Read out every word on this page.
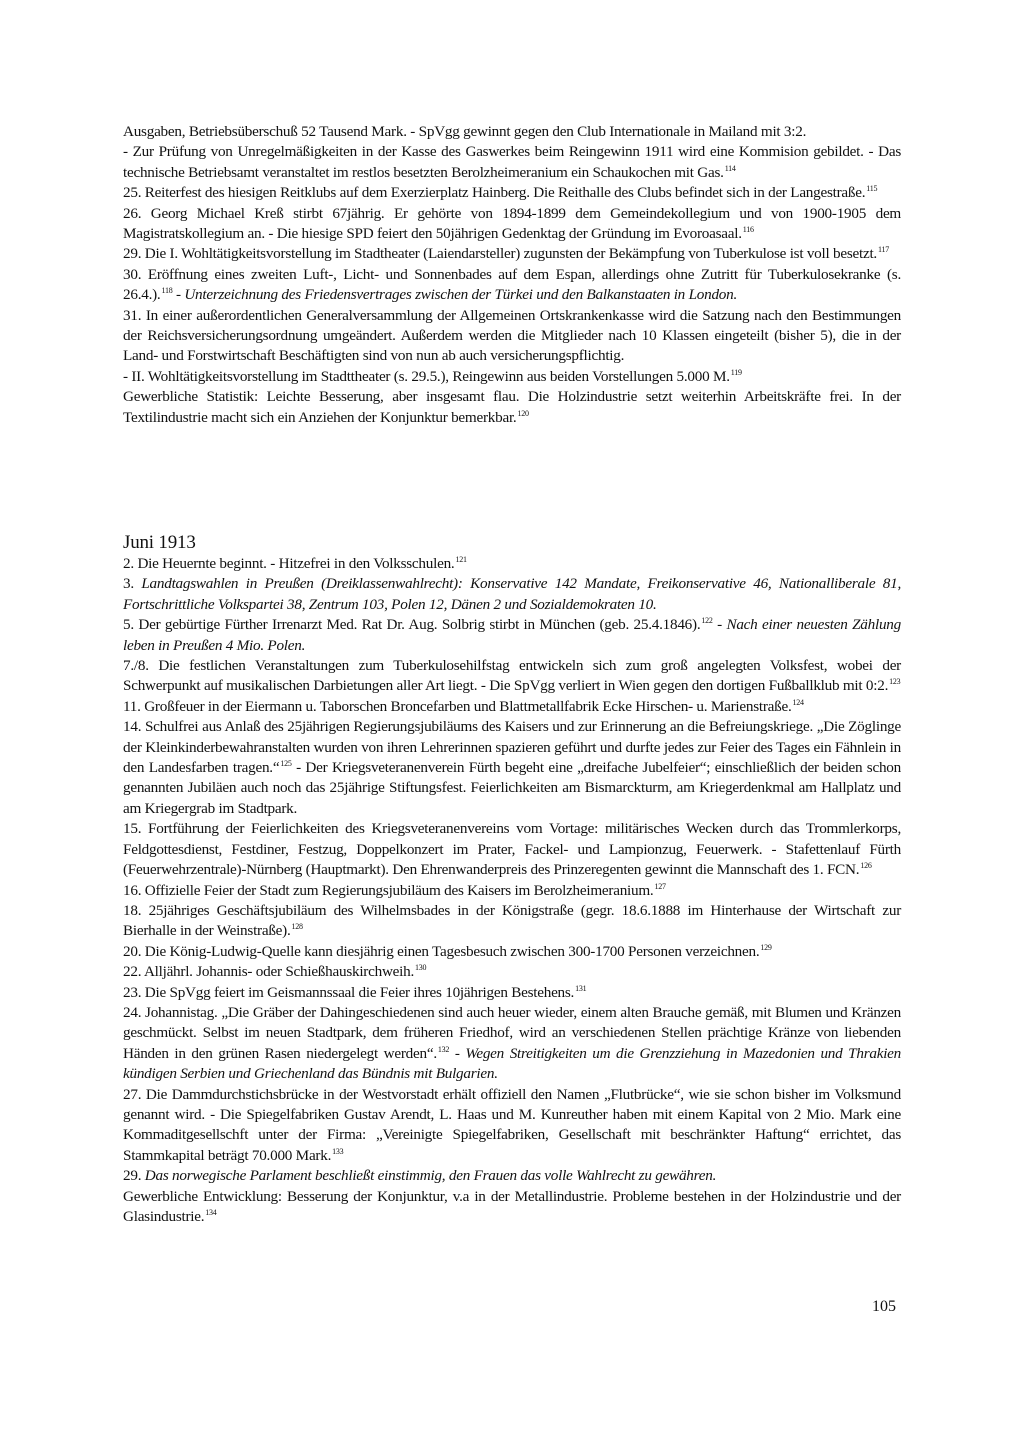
Ausgaben, Betriebsüberschuß 52 Tausend Mark. - SpVgg gewinnt gegen den Club Internationale in Mailand mit 3:2.

- Zur Prüfung von Unregelmäßigkeiten in der Kasse des Gaswerkes beim Reingewinn 1911 wird eine Kommision gebildet. - Das technische Betriebsamt veranstaltet im restlos besetzten Berolzheimeranium ein Schaukochen mit Gas.$^{114}$

25. Reiterfest des hiesigen Reitklubs auf dem Exerzierplatz Hainberg. Die Reithalle des Clubs befindet sich in der Langestraße.$^{115}$

26. Georg Michael Kreß stirbt 67jährig. Er gehörte von 1894-1899 dem Gemeindekollegium und von 1900-1905 dem Magistratskollegium an. - Die hiesige SPD feiert den 50jährigen Gedenktag der Gründung im Evoroasaal.$^{116}$

29. Die I. Wohltätigkeitsvorstellung im Stadtheater (Laiendarsteller) zugunsten der Bekämpfung von Tuberkulose ist voll besetzt.$^{117}$

30. Eröffnung eines zweiten Luft-, Licht- und Sonnenbades auf dem Espan, allerdings ohne Zutritt für Tuberkulosekranke (s. 26.4.).$^{118}$ - Unterzeichnung des Friedensvertrages zwischen der Türkei und den Balkanstaaten in London.

31. In einer außerordentlichen Generalversammlung der Allgemeinen Ortskrankenkasse wird die Satzung nach den Bestimmungen der Reichsversicherungsordnung umgeändert. Außerdem werden die Mitglieder nach 10 Klassen eingeteilt (bisher 5), die in der Land- und Forstwirtschaft Beschäftigten sind von nun ab auch versicherungspflichtig.

- II. Wohltätigkeitsvorstellung im Stadttheater (s. 29.5.), Reingewinn aus beiden Vorstellungen 5.000 M.$^{119}$

Gewerbliche Statistik: Leichte Besserung, aber insgesamt flau. Die Holzindustrie setzt weiterhin Arbeitskräfte frei. In der Textilindustrie macht sich ein Anziehen der Konjunktur bemerkbar.$^{120}$

Juni 1913

2. Die Heuernte beginnt. - Hitzefrei in den Volksschulen.$^{121}$

3. Landtagswahlen in Preußen (Dreiklassenwahlrecht): Konservative 142 Mandate, Freikonservative 46, Nationalliberale 81, Fortschrittliche Volkspartei 38, Zentrum 103, Polen 12, Dänen 2 und Sozialdemokraten 10.

5. Der gebürtige Fürther Irrenarzt Med. Rat Dr. Aug. Solbrig stirbt in München (geb. 25.4.1846).$^{122}$ - Nach einer neuesten Zählung leben in Preußen 4 Mio. Polen.

7./8. Die festlichen Veranstaltungen zum Tuberkulosehilfstag entwickeln sich zum groß angelegten Volksfest, wobei der Schwerpunkt auf musikalischen Darbietungen aller Art liegt. - Die SpVgg verliert in Wien gegen den dortigen Fußballklub mit 0:2.$^{123}$

11. Großfeuer in der Eiermann u. Taborschen Broncefarben und Blattmetallfabrik Ecke Hirschen- u. Marienstraße.$^{124}$

14. Schulfrei aus Anlaß des 25jährigen Regierungsjubiläums des Kaisers und zur Erinnerung an die Befreiungskriege. „Die Zöglinge der Kleinkinderbewahranstalten wurden von ihren Lehrerinnen spazieren geführt und durfte jedes zur Feier des Tages ein Fähnlein in den Landesfarben tragen.“$^{125}$ - Der Kriegsveteranenverein Fürth begeht eine „dreifache Jubelfeier“; einschließlich der beiden schon genannten Jubiläen auch noch das 25jährige Stiftungsfest. Feierlichkeiten am Bismarckturm, am Kriegerdenkmal am Hallplatz und am Kriegergrab im Stadtpark.

15. Fortführung der Feierlichkeiten des Kriegsveteranenvereins vom Vortage: militärisches Wecken durch das Trommlerkorps, Feldgottesdienst, Festdiner, Festzug, Doppelkonzert im Prater, Fackel- und Lampionzug, Feuerwerk. - Stafettenlauf Fürth (Feuerwehrzentrale)-Nürnberg (Hauptmarkt). Den Ehrenwanderpreis des Prinzeregenten gewinnt die Mannschaft des 1. FCN.$^{126}$

16. Offizielle Feier der Stadt zum Regierungsjubiläum des Kaisers im Berolzheimeranium.$^{127}$

18. 25jähriges Geschäftsjubiläum des Wilhelmsbades in der Königstraße (gegr. 18.6.1888 im Hinterhause der Wirtschaft zur Bierhalle in der Weinstraße).$^{128}$

20. Die König-Ludwig-Quelle kann diesjährig einen Tagesbesuch zwischen 300-1700 Personen verzeichnen.$^{129}$

22. Alljährl. Johannis- oder Schießhauskirchweih.$^{130}$

23. Die SpVgg feiert im Geismannssaal die Feier ihres 10jährigen Bestehens.$^{131}$

24. Johannistag. „Die Gräber der Dahingeschiedenen sind auch heuer wieder, einem alten Brauche gemäß, mit Blumen und Kränzen geschmückt. Selbst im neuen Stadtpark, dem früheren Friedhof, wird an verschiedenen Stellen prächtige Kränze von liebenden Händen in den grünen Rasen niedergelegt werden“.$^{132}$ - Wegen Streitigkeiten um die Grenzziehung in Mazedonien und Thrakien kündigen Serbien und Griechenland das Bündnis mit Bulgarien.

27. Die Dammdurchstichsbrücke in der Westvorstadt erhält offiziell den Namen „Flutbrücke“, wie sie schon bisher im Volksmund genannt wird. - Die Spiegelfabriken Gustav Arendt, L. Haas und M. Kunreuther haben mit einem Kapital von 2 Mio. Mark eine Kommaditgesellschft unter der Firma: „Vereinigte Spiegelfabriken, Gesellschaft mit beschränkter Haftung“ errichtet, das Stammkapital beträgt 70.000 Mark.$^{133}$

29. Das norwegische Parlament beschließt einstimmig, den Frauen das volle Wahlrecht zu gewähren.

Gewerbliche Entwicklung: Besserung der Konjunktur, v.a in der Metallindustrie. Probleme bestehen in der Holzindustrie und der Glasindustrie.$^{134}$

105
